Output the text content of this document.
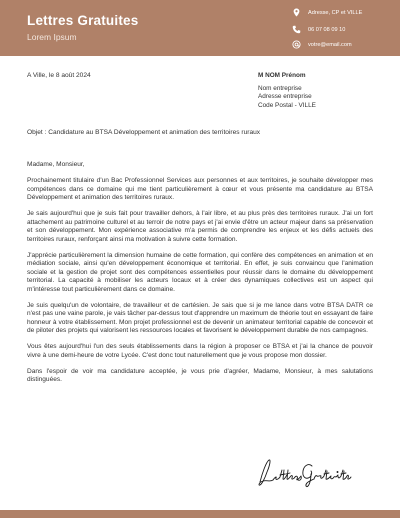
Lettres Gratuites
Lorem Ipsum
Adresse, CP et VILLE
06 07 08 09 10
votre@email.com
A Ville, le 8 août 2024	M NOM Prénom
Nom entreprise
Adresse entreprise
Code Postal - VILLE
Objet : Candidature au BTSA Développement et animation des territoires ruraux

Madame, Monsieur,

Prochainement titulaire d'un Bac Professionnel Services aux personnes et aux territoires, je souhaite développer mes compétences dans ce domaine qui me tient particulièrement à cœur et vous présente ma candidature au BTSA Développement et animation des territoires ruraux.

Je sais aujourd'hui que je suis fait pour travailler dehors, à l'air libre, et au plus près des territoires ruraux. J'ai un fort attachement au patrimoine culturel et au terroir de notre pays et j'ai envie d'être un acteur majeur dans sa préservation et son développement. Mon expérience associative m'a permis de comprendre les enjeux et les défis actuels des territoires ruraux, renforçant ainsi ma motivation à suivre cette formation.

J'apprécie particulièrement la dimension humaine de cette formation, qui confère des compétences en animation et en médiation sociale, ainsi qu'en développement économique et territorial. En effet, je suis convaincu que l'animation sociale et la gestion de projet sont des compétences essentielles pour réussir dans le domaine du développement territorial. La capacité à mobiliser les acteurs locaux et à créer des dynamiques collectives est un aspect qui m'intéresse tout particulièrement dans ce domaine.

Je suis quelqu'un de volontaire, de travailleur et de cartésien. Je sais que si je me lance dans votre BTSA DATR ce n'est pas une vaine parole, je vais tâcher par-dessus tout d'apprendre un maximum de théorie tout en essayant de faire honneur à votre établissement. Mon projet professionnel est de devenir un animateur territorial capable de concevoir et de piloter des projets qui valorisent les ressources locales et favorisent le développement durable de nos campagnes.

Vous êtes aujourd'hui l'un des seuls établissements dans la région à proposer ce BTSA et j'ai la chance de pouvoir vivre à une demi-heure de votre Lycée. C'est donc tout naturellement que je vous propose mon dossier.

Dans l'espoir de voir ma candidature acceptée, je vous prie d'agréer, Madame, Monsieur, à mes salutations distinguées.
